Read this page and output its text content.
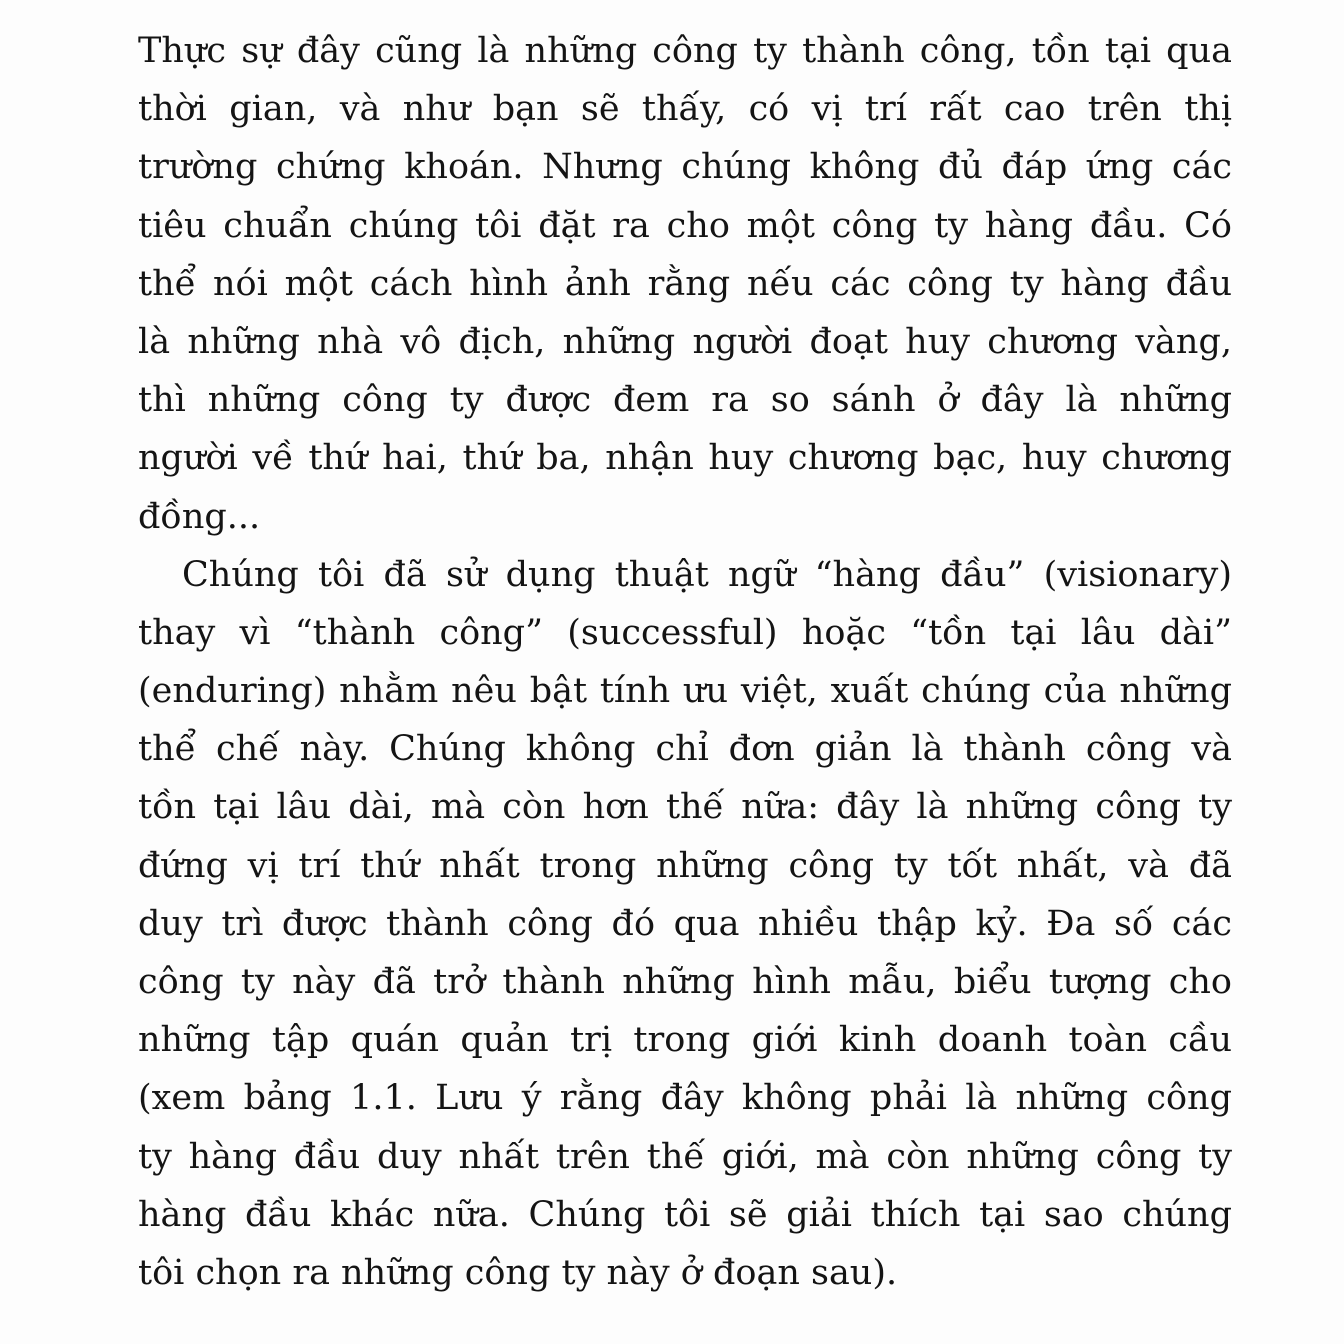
Thực sự đây cũng là những công ty thành công, tồn tại qua
thời gian, và như bạn sẽ thấy, có vị trí rất cao trên thị
trường chứng khoán. Nhưng chúng không đủ đáp ứng các
tiêu chuẩn chúng tôi đặt ra cho một công ty hàng đầu. Có
thể nói một cách hình ảnh rằng nếu các công ty hàng đầu
là những nhà vô địch, những người đoạt huy chương vàng,
thì những công ty được đem ra so sánh ở đây là những
người về thứ hai, thứ ba, nhận huy chương bạc, huy chương
đồng...
Chúng tôi đã sử dụng thuật ngữ “hàng đầu” (visionary)
thay vì “thành công” (successful) hoặc “tồn tại lâu dài”
(enduring) nhằm nêu bật tính ưu việt, xuất chúng của những
thể chế này. Chúng không chỉ đơn giản là thành công và
tồn tại lâu dài, mà còn hơn thế nữa: đây là những công ty
đứng vị trí thứ nhất trong những công ty tốt nhất, và đã
duy trì được thành công đó qua nhiều thập kỷ. Đa số các
công ty này đã trở thành những hình mẫu, biểu tượng cho
những tập quán quản trị trong giới kinh doanh toàn cầu
(xem bảng 1.1. Lưu ý rằng đây không phải là những công
ty hàng đầu duy nhất trên thế giới, mà còn những công ty
hàng đầu khác nữa. Chúng tôi sẽ giải thích tại sao chúng
tôi chọn ra những công ty này ở đoạn sau).
